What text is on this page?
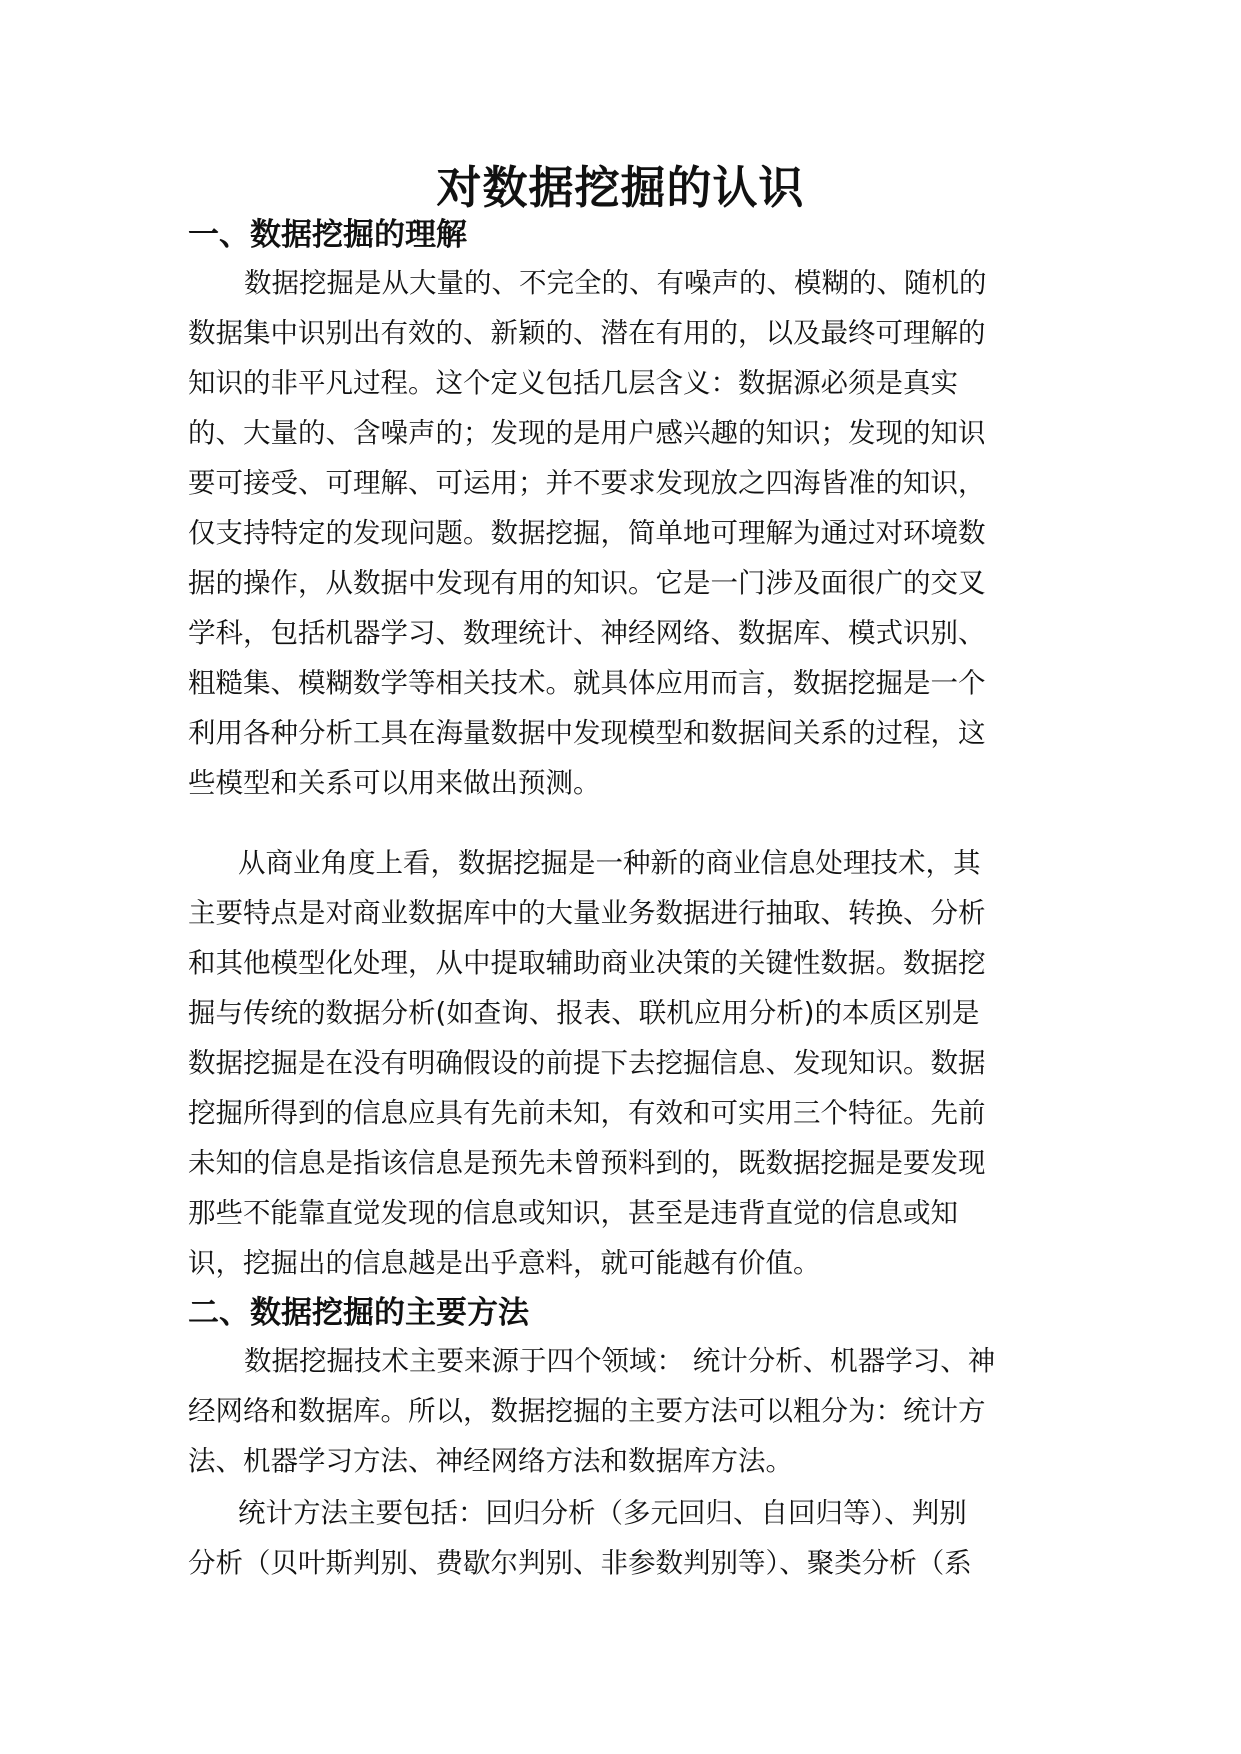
对数据挖掘的认识
一、数据挖掘的理解
数据挖掘是从大量的、不完全的、有噪声的、模糊的、随机的
数据集中识别出有效的、新颖的、潜在有用的，以及最终可理解的
知识的非平凡过程。这个定义包括几层含义：数据源必须是真实
的、大量的、含噪声的；发现的是用户感兴趣的知识；发现的知识
要可接受、可理解、可运用；并不要求发现放之四海皆准的知识，
仅支持特定的发现问题。数据挖掘，简单地可理解为通过对环境数
据的操作，从数据中发现有用的知识。它是一门涉及面很广的交叉
学科，包括机器学习、数理统计、神经网络、数据库、模式识别、
粗糙集、模糊数学等相关技术。就具体应用而言，数据挖掘是一个
利用各种分析工具在海量数据中发现模型和数据间关系的过程，这
些模型和关系可以用来做出预测。
从商业角度上看，数据挖掘是一种新的商业信息处理技术，其
主要特点是对商业数据库中的大量业务数据进行抽取、转换、分析
和其他模型化处理，从中提取辅助商业决策的关键性数据。数据挖
掘与传统的数据分析(如查询、报表、联机应用分析)的本质区别是
数据挖掘是在没有明确假设的前提下去挖掘信息、发现知识。数据
挖掘所得到的信息应具有先前未知，有效和可实用三个特征。先前
未知的信息是指该信息是预先未曾预料到的，既数据挖掘是要发现
那些不能靠直觉发现的信息或知识，甚至是违背直觉的信息或知
识，挖掘出的信息越是出乎意料，就可能越有价值。
二、数据挖掘的主要方法
数据挖掘技术主要来源于四个领域： 统计分析、机器学习、神
经网络和数据库。所以，数据挖掘的主要方法可以粗分为：统计方
法、机器学习方法、神经网络方法和数据库方法。
统计方法主要包括：回归分析（多元回归、自回归等）、判别
分析（贝叶斯判别、费歇尔判别、非参数判别等）、聚类分析（系
